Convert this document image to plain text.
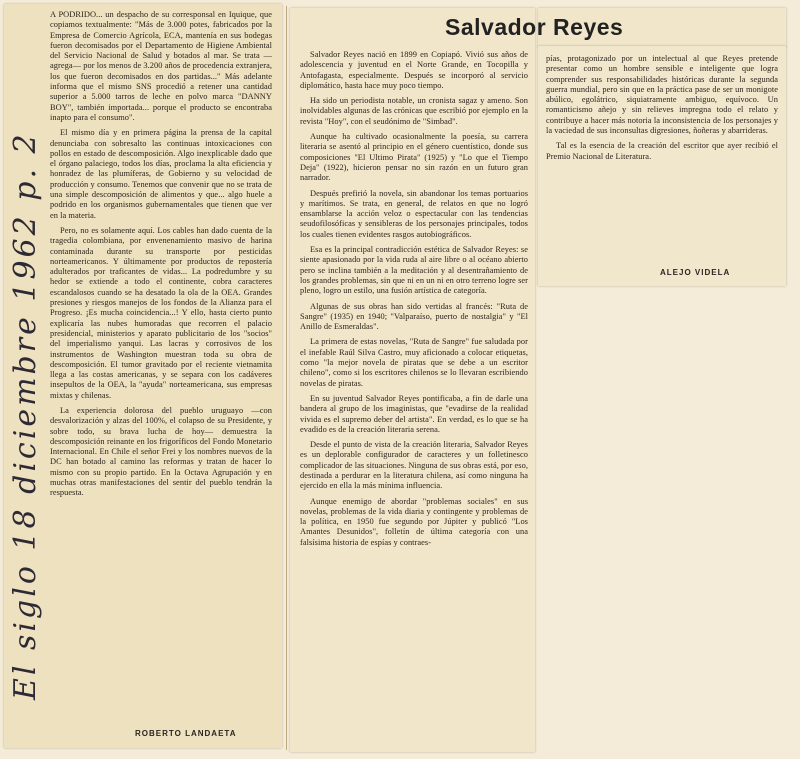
El siglo 18 diciembre 1962 p. 2

A PODRIDO... un despacho de su corresponsal en Iquique, que copiamos textualmente: "Más de 3.000 potes, fabricados por la Empresa de Comercio Agrícola, ECA, mantenía en sus bodegas fueron decomisados por el Departamento de Higiene Ambiental del Servicio Nacional de Salud y botados al mar. Se trata —agrega— por los menos de 3.200 años de procedencia extranjera, los que fueron decomisados en dos partidas..." Más adelante informa que el mismo SNS procedió a retener una cantidad superior a 5.000 tarros de leche en polvo marca "DANNY BOY", también importada... porque el producto se encontraba inapto para el consumo".

El mismo día y en primera página la prensa de la capital denunciaba con sobresalto las continuas intoxicaciones con pollos en estado de descomposición. Algo inexplicable dado que el órgano palaciego, todos los días, proclama la alta eficiencia y honradez de las plumíferas, de Gobierno y su velocidad de producción y consumo. Tenemos que convenir que no se trata de una simple descomposición de alimentos y que... algo huele a podrido en los organismos gubernamentales que tienen que ver en la materia.

Pero, no es solamente aquí. Los cables han dado cuenta de la tragedia colombiana, por envenenamiento masivo de harina contaminada durante su transporte por pesticidas norteamericanos. Y últimamente por productos de repostería adulterados por traficantes de vidas... La podredumbre y su hedor se extiende a todo el continente, cobra caracteres escandalosos cuando se ha desatado la ola de la OEA. Grandes presiones y riesgos manejos de los fondos de la Alianza para el Progreso. ¡Es mucha coincidencia...! Y ello, hasta cierto punto explicaría las nubes humoradas que recorren el palacio presidencial, ministerios y aparato publicitario de los "socios" del imperialismo yanqui. Las lacras y corrosivos de los instrumentos de Washington muestran toda su obra de descomposición. El tumor gravitado por el reciente vietnamita llega a las costas americanas, y se separa con los cadáveres insepultos de la OEA, la "ayuda" norteamericana, sus empresas mixtas y chilenas.

La experiencia dolorosa del pueblo uruguayo —con desvalorización y alzas del 100%, el colapso de su Presidente, y sobre todo, su brava lucha de hoy— demuestra la descomposición reinante en los frigoríficos del Fondo Monetario Internacional. En Chile el señor Frei y los nombres nuevos de la DC han botado al camino las reformas y tratan de hacer lo mismo con su propio partido. En la Octava Agrupación y en muchas otras manifestaciones del sentir del pueblo tendrán la respuesta.

ROBERTO LANDAETA
Salvador Reyes

Salvador Reyes nació en 1899 en Copiapó. Vivió sus años de adolescencia y juventud en el Norte Grande, en Tocopilla y Antofagasta, especialmente. Después se incorporó al servicio diplomático, hasta hace muy poco tiempo.

Ha sido un periodista notable, un cronista sagaz y ameno. Son inolvidables algunas de las crónicas que escribió por ejemplo en la revista "Hoy", con el seudónimo de "Simbad".

Aunque ha cultivado ocasionalmente la poesía, su carrera literaria se asentó al principio en el género cuentístico, donde sus composiciones "El Ultimo Pirata" (1925) y "Lo que el Tiempo Deja" (1922), hicieron pensar no sin razón en un futuro gran narrador.

Después prefirió la novela, sin abandonar los temas portuarios y marítimos. Se trata, en general, de relatos en que no logró ensamblarse la acción veloz o espectacular con las tendencias seudofilosóficas y sensibleras de los personajes principales, todos los cuales tienen evidentes rasgos autobiográficos.

Esa es la principal contradicción estética de Salvador Reyes: se siente apasionado por la vida ruda al aire libre o al océano abierto pero se inclina también a la meditación y al desentrañamiento de los grandes problemas, sin que ni en un ni en otro terreno logre ser pleno, logro un estilo, una fusión artística de categoría.

Algunas de sus obras han sido vertidas al francés: "Ruta de Sangre" (1935) en 1940; "Valparaíso, puerto de nostalgia" y "El Anillo de Esmeraldas".

La primera de estas novelas, "Ruta de Sangre" fue saludada por el inefable Raúl Silva Castro, muy aficionado a colocar etiquetas, como "la mejor novela de piratas que se debe a un escritor chileno", como si los escritores chilenos se lo llevaran escribiendo novelas de piratas.

En su juventud Salvador Reyes pontificaba, a fin de darle una bandera al grupo de los imaginistas, que "evadirse de la realidad vivida es el supremo deber del artista". En verdad, es lo que se ha evadido es de la creación literaria serena.

Desde el punto de vista de la creación literaria, Salvador Reyes es un deplorable configurador de caracteres y un folletinesco complicador de las situaciones. Ninguna de sus obras está, por eso, destinada a perdurar en la literatura chilena, así como ninguna ha ejercido en ella la más mínima influencia.

Aunque enemigo de abordar "problemas sociales" en sus novelas, problemas de la vida diaria y contingente y problemas de la política, en 1950 fue segundo por Júpiter y publicó "Los Amantes Desunidos", folletín de última categoría con una falsísima historia de espías y contraes-

pías, protagonizado por un intelectual al que Reyes pretende presentar como un hombre sensible e inteligente que logra comprender sus responsabilidades históricas durante la segunda guerra mundial, pero sin que en la práctica pase de ser un monigote abúlico, egolátrico, siquiatramente ambiguo, equívoco. Un romanticismo añejo y sin relieves impregna todo el relato y contribuye a hacer más notoria la inconsistencia de los personajes y la vaciedad de sus inconsultas digresiones, ñoñeras y abarrideras.

Tal es la esencia de la creación del escritor que ayer recibió el Premio Nacional de Literatura.

ALEJO VIDELA
